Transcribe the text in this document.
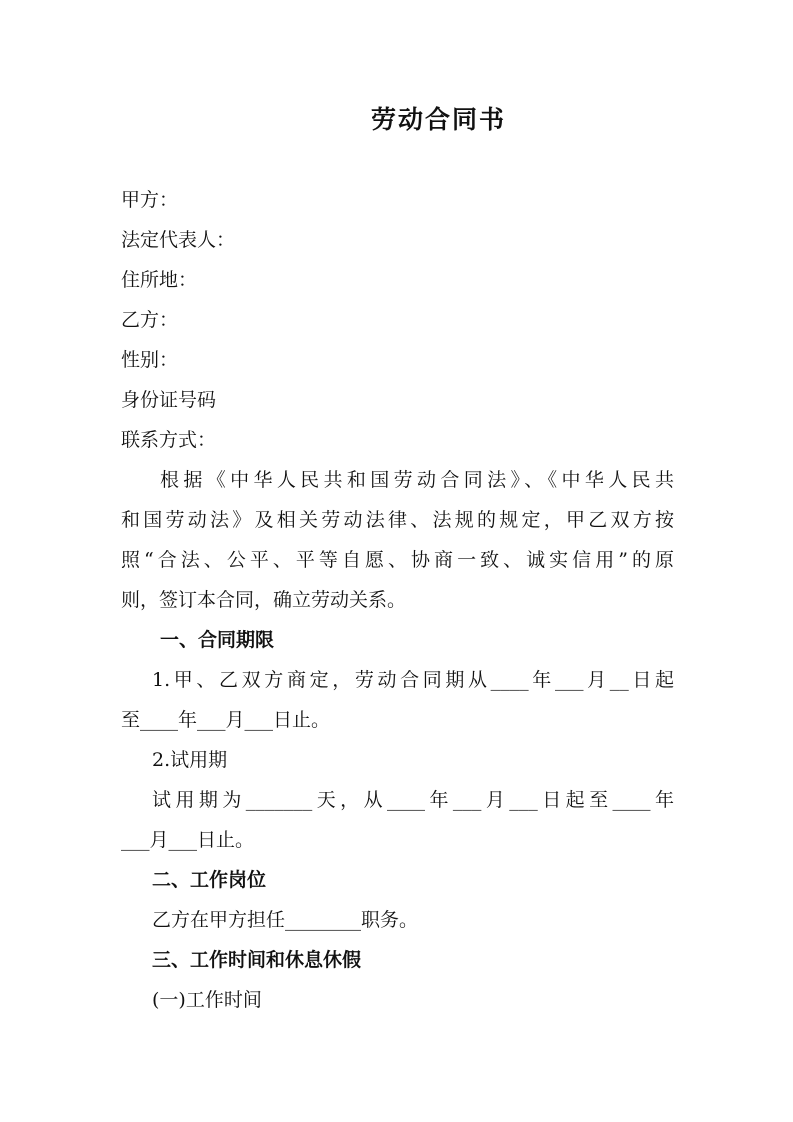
劳动合同书
甲方：
法定代表人：
住所地：
乙方：
性别：
身份证号码
联系方式：
根据《中华人民共和国劳动合同法》、《中华人民共
和国劳动法》及相关劳动法律、法规的规定，甲乙双方按
照“合法、公平、平等自愿、协商一致、诚实信用”的原
则，签订本合同，确立劳动关系。
一、合同期限
1.甲、乙双方商定，劳动合同期从____年___月__日起
至____年___月___日止。
2.试用期
试用期为_______天，从____年___月___日起至____年
___月___日止。
二、工作岗位
乙方在甲方担任________职务。
三、工作时间和休息休假
(一)工作时间
